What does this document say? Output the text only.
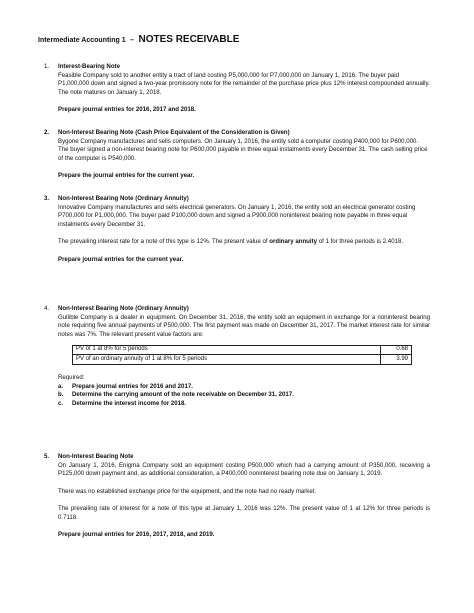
Intermediate Accounting 1 – NOTES RECEIVABLE
1. Interest-Bearing Note

Feasible Company sold to another entity a tract of land costing P5,000,000 for P7,000,000 on January 1, 2016. The buyer paid P1,000,000 down and signed a two-year promissory note for the remainder of the purchase price plus 12% interest compounded annually. The note matures on January 1, 2018.

Prepare journal entries for 2016, 2017 and 2018.

2. Non-Interest Bearing Note (Cash Price Equivalent of the Consideration is Given)

Bygone Company manufactures and sells computers. On January 1, 2016, the entity sold a computer costing P400,000 for P600,000. The buyer signed a non-interest bearing note for P600,000 payable in three equal instalments every December 31. The cash selling price of the computer is P540,000.

Prepare the journal entries for the current year.

3. Non-Interest Bearing Note (Ordinary Annuity)

Innovative Company manufactures and sells electrical generators. On January 1, 2016, the entity sold an electrical generator costing P700,000 for P1,000,000. The buyer paid P100,000 down and signed a P900,000 noninterest bearing note payable in three equal instalments every December 31.

The prevailing interest rate for a note of this type is 12%. The present value of ordinary annuity of 1 for three periods is 2.4018.

Prepare journal entries for the current year.

4. Non-Interest Bearing Note (Ordinary Annuity)

Gullible Company is a dealer in equipment. On December 31, 2016, the entity sold an equipment in exchange for a noninterest bearing note requiring five annual payments of P500,000. The first payment was made on December 31, 2017. The market interest rate for similar notes was 7%. The relevant present value factors are:

PV of 1 at 8% for 5 periods	0.68
PV of an ordinary annuity of 1 at 8% for 5 periods	3.99

Required:

a. Prepare journal entries for 2016 and 2017.
b. Determine the carrying amount of the note receivable on December 31, 2017.
c. Determine the interest income for 2018.
5. Non-Interest Bearing Note

On January 1, 2016, Enigma Company sold an equipment costing P500,000 which had a carrying amount of P350,000, receiving a P125,000 down payment and, as additional consideration, a P400,000 noninterest bearing note due on January 1, 2019.

There was no established exchange price for the equipment, and the note had no ready market.

The prevailing rate of interest for a note of this type at January 1, 2016 was 12%. The present value of 1 at 12% for three periods is 0.7118.

Prepare journal entries for 2016, 2017, 2018, and 2019.
